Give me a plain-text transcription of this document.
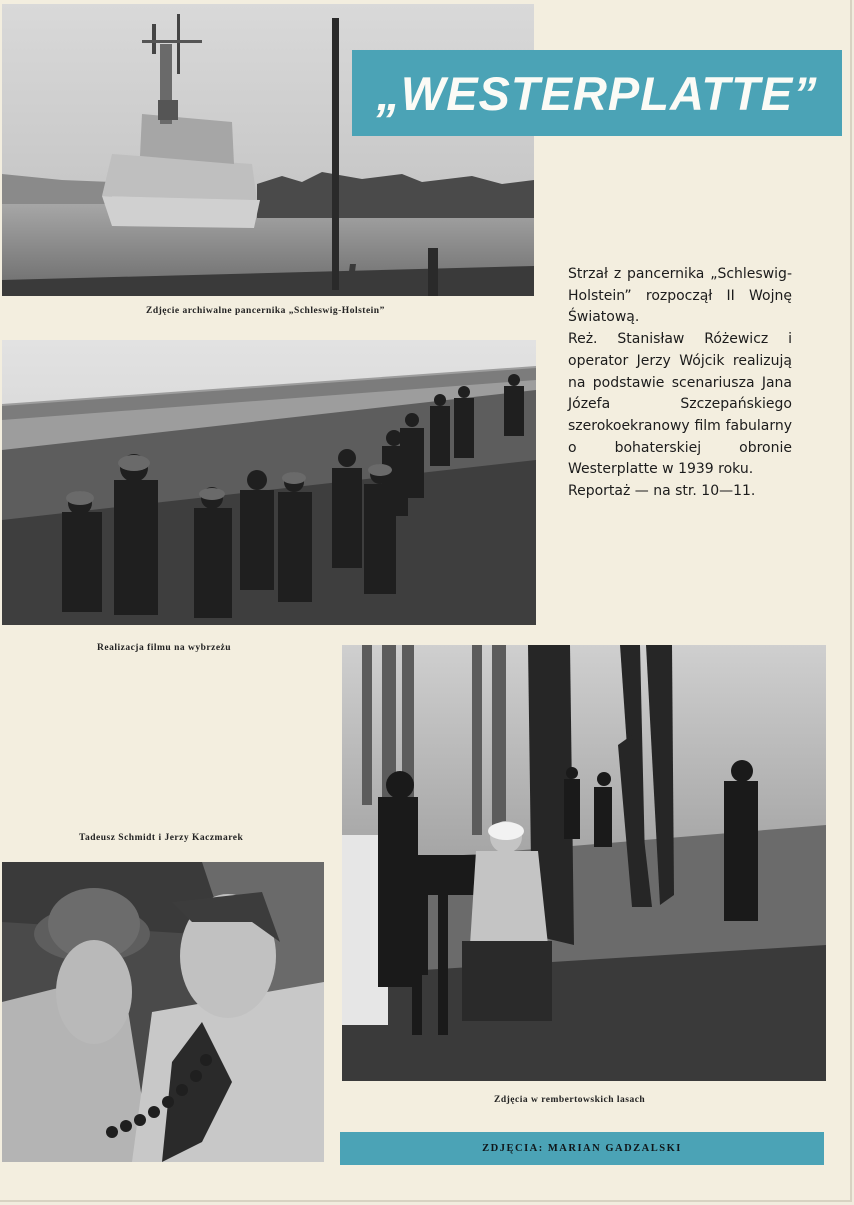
„WESTERPLATTE”
Zdjęcie archiwalne pancernika „Schleswig-Holstein”

Strzał z pancernika „Schleswig-Holstein” rozpoczął II Wojnę Światową.

Reż. Stanisław Różewicz i operator Jerzy Wójcik realizują na podstawie scenariusza Jana Józefa Szczepańskiego szerokoekranowy film fabularny o bohaterskiej obronie Westerplatte w 1939 roku.

Reportaż — na str. 10—11.

Realizacja filmu na wybrzeżu
Tadeusz Schmidt i Jerzy Kaczmarek
Zdjęcia w rembertowskich lasach
ZDJĘCIA: MARIAN GADZALSKI
